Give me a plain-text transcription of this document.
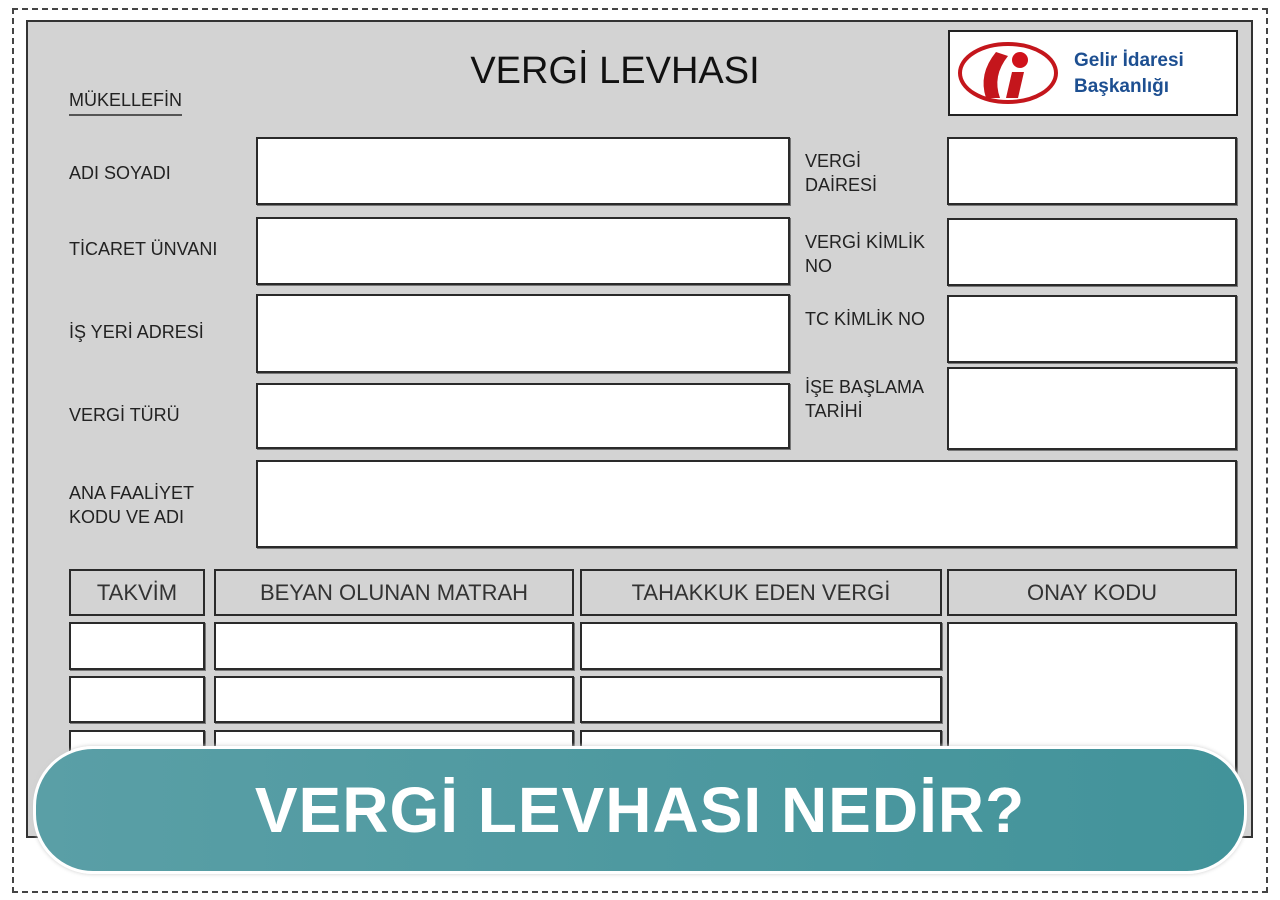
VERGİ LEVHASI
MÜKELLEFİN
Gelir İdaresi
Başkanlığı
ADI SOYADI
TİCARET ÜNVANI
İŞ YERİ ADRESİ
VERGİ TÜRÜ
ANA FAALİYET
KODU VE ADI
VERGİ
DAİRESİ
VERGİ KİMLİK
NO
TC KİMLİK NO
İŞE BAŞLAMA
TARİHİ
TAKVİM	BEYAN OLUNAN MATRAH	TAHAKKUK EDEN VERGİ	ONAY KODU
VERGİ LEVHASI NEDİR?
